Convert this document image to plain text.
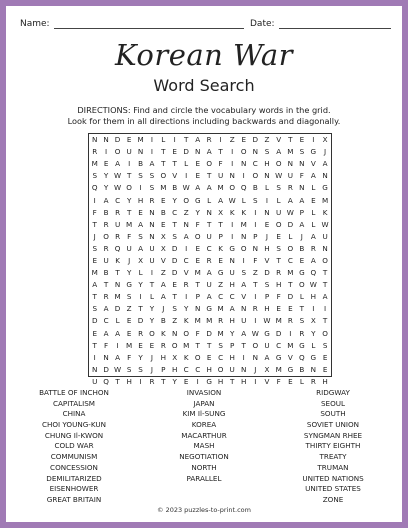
Name:	Date:
Korean War
Word Search
DIRECTIONS: Find and circle the vocabulary words in the grid.
Look for them in all directions including backwards and diagonally.
N	N	D	E	M	I	L	I	T	A	R	I	Z	E	D	Z	V	T	E	I	X
R	I	O	U	N	I	T	E	D	N	A	T	I	O	N	S	A	M	S	G	J
M	E	A	I	B	A	T	T	L	E	O	F	I	N	C	H	O	N	N	V	A
S	Y	W	T	S	S	O	V	I	E	T	U	N	I	O	N	W	U	F	A	N
Q	Y	W	O	I	S	M	B	W	A	A	M	O	Q	B	L	S	R	N	L	G
I	A	C	Y	H	R	E	Y	O	G	L	A	W	L	S	I	L	A	A	E	M
F	B	R	T	E	N	B	C	Z	Y	N	X	K	K	I	N	U	W	P	L	K
T	R	U	M	A	N	E	T	N	F	T	T	I	M	I	E	O	D	A	L	W
J	O	R	F	S	N	X	S	A	O	U	P	I	N	P	J	E	L	J	A	U
S	R	Q	U	A	U	X	D	I	E	C	K	G	O	N	H	S	O	B	R	N
E	U	K	J	X	U	V	D	C	E	R	E	N	I	F	V	T	C	E	A	O
M	B	T	Y	L	I	Z	D	V	M	A	G	U	S	Z	D	R	M	G	Q	T
A	T	N	G	Y	T	A	E	R	T	U	Z	H	A	T	S	H	T	O	W	T
T	R	M	S	I	L	A	T	I	P	A	C	C	V	I	P	F	D	L	H	A
S	A	D	Z	T	Y	J	S	Y	N	G	M	A	N	R	H	E	E	T	I	I
D	C	L	E	D	Y	B	Z	K	M	M	R	H	U	I	W	M	R	S	X	T
E	A	A	E	R	O	K	N	O	F	D	M	Y	A	W	G	D	I	R	Y	O
T	F	I	M	E	E	R	O	M	T	T	S	P	T	O	U	C	M	G	L	S
I	N	A	F	Y	J	H	X	K	O	E	C	H	I	N	A	G	V	Q	G	E
N	D	W	S	S	J	P	H	C	C	H	O	U	N	J	X	M	G	B	N	E
U	Q	T	H	I	R	T	Y	E	I	G	H	T	H	I	V	F	E	L	R	H
BATTLE OF INCHON
CAPITALISM
CHINA
CHOI YOUNG-KUN
CHUNG Il-KWON
COLD WAR
COMMUNISM
CONCESSION
DEMILITARIZED
EISENHOWER
GREAT BRITAIN
INVASION
JAPAN
KIM Il-SUNG
KOREA
MACARTHUR
MASH
NEGOTIATION
NORTH
PARALLEL
RIDGWAY
SEOUL
SOUTH
SOVIET UNION
SYNGMAN RHEE
THIRTY EIGHTH
TREATY
TRUMAN
UNITED NATIONS
UNITED STATES
ZONE
© 2023 puzzles-to-print.com
